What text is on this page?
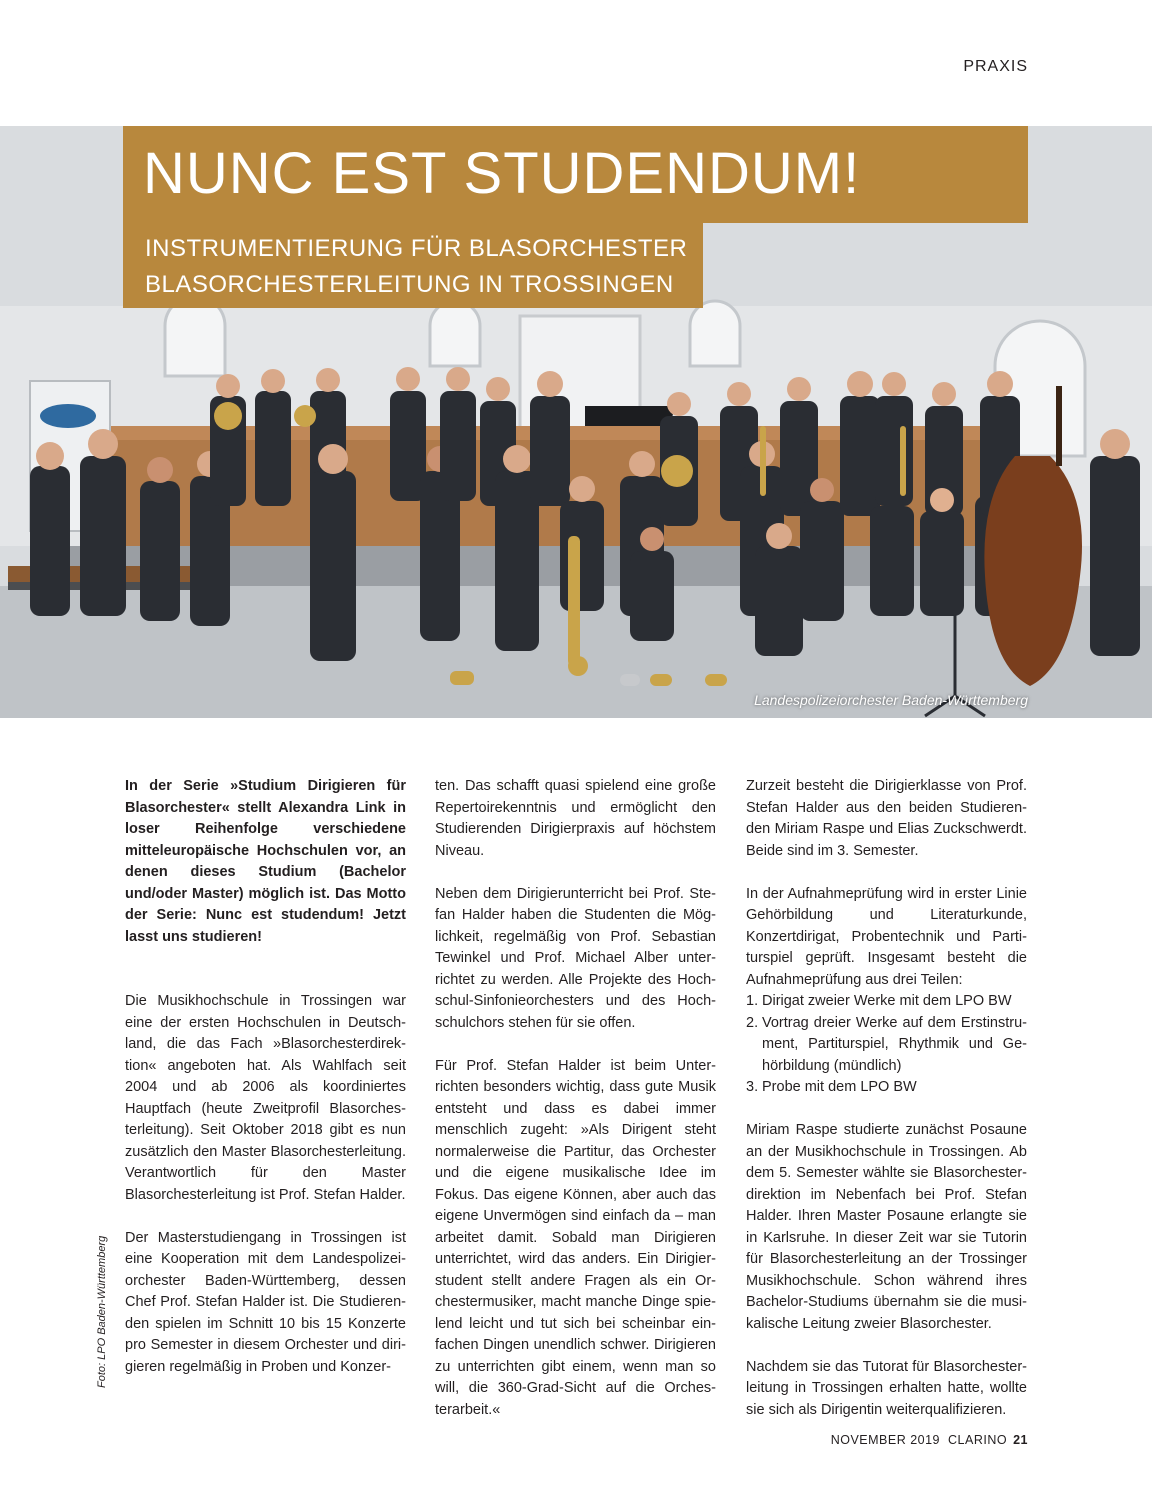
PRAXIS
NUNC EST STUDENDUM!
INSTRUMENTIERUNG FÜR BLASORCHESTER
BLASORCHESTERLEITUNG IN TROSSINGEN
Landespolizeiorchester Baden-Württemberg
Foto: LPO Baden-Württemberg

In der Serie »Studium Dirigieren für Blasorchester« stellt Alexandra Link in loser Reihenfolge verschiedene mitteleuropäische Hochschulen vor, an denen dieses Studium (Bachelor und/oder Master) möglich ist. Das Motto der Serie: Nunc est studendum! Jetzt lasst uns studieren!

Die Musikhochschule in Trossingen war eine der ersten Hochschulen in Deutschland, die das Fach »Blasorchesterdirektion« angeboten hat. Als Wahlfach seit 2004 und ab 2006 als koordiniertes Hauptfach (heute Zweitprofil Blasorchesterleitung). Seit Oktober 2018 gibt es nun zusätzlich den Master Blasorchesterleitung. Verantwortlich für den Master Blasorchesterleitung ist Prof. Stefan Halder.

Der Masterstudiengang in Trossingen ist eine Kooperation mit dem Landespolizeiorchester Baden-Württemberg, dessen Chef Prof. Stefan Halder ist. Die Studierenden spielen im Schnitt 10 bis 15 Konzerte pro Semester in diesem Orchester und dirigieren regelmäßig in Proben und Konzer-

ten. Das schafft quasi spielend eine große Repertoirekenntnis und ermöglicht den Studierenden Dirigierpraxis auf höchstem Niveau.

Neben dem Dirigierunterricht bei Prof. Stefan Halder haben die Studenten die Möglichkeit, regelmäßig von Prof. Sebastian Tewinkel und Prof. Michael Alber unterrichtet zu werden. Alle Projekte des Hochschul-Sinfonieorchesters und des Hochschulchors stehen für sie offen.

Für Prof. Stefan Halder ist beim Unterrichten besonders wichtig, dass gute Musik entsteht und dass es dabei immer menschlich zugeht: »Als Dirigent steht normalerweise die Partitur, das Orchester und die eigene musikalische Idee im Fokus. Das eigene Können, aber auch das eigene Unvermögen sind einfach da – man arbeitet damit. Sobald man Dirigieren unterrichtet, wird das anders. Ein Dirigierstudent stellt andere Fragen als ein Orchestermusiker, macht manche Dinge spielend leicht und tut sich bei scheinbar einfachen Dingen unendlich schwer. Dirigieren zu unterrichten gibt einem, wenn man so will, die 360-Grad-Sicht auf die Orchesterarbeit.«

Zurzeit besteht die Dirigierklasse von Prof. Stefan Halder aus den beiden Studierenden Miriam Raspe und Elias Zuckschwerdt. Beide sind im 3. Semester.

In der Aufnahmeprüfung wird in erster Linie Gehörbildung und Literaturkunde, Konzertdirigat, Probentechnik und Partiturspiel geprüft. Insgesamt besteht die Aufnahmeprüfung aus drei Teilen:

1. Dirigat zweier Werke mit dem LPO BW
2. Vortrag dreier Werke auf dem Erstinstrument, Partiturspiel, Rhythmik und Gehörbildung (mündlich)
3. Probe mit dem LPO BW

Miriam Raspe studierte zunächst Posaune an der Musikhochschule in Trossingen. Ab dem 5. Semester wählte sie Blasorchesterdirektion im Nebenfach bei Prof. Stefan Halder. Ihren Master Posaune erlangte sie in Karlsruhe. In dieser Zeit war sie Tutorin für Blasorchesterleitung an der Trossinger Musikhochschule. Schon während ihres Bachelor-Studiums übernahm sie die musikalische Leitung zweier Blasorchester.

Nachdem sie das Tutorat für Blasorchesterleitung in Trossingen erhalten hatte, wollte sie sich als Dirigentin weiterqualifizieren.

NOVEMBER 2019 CLARINO 21
